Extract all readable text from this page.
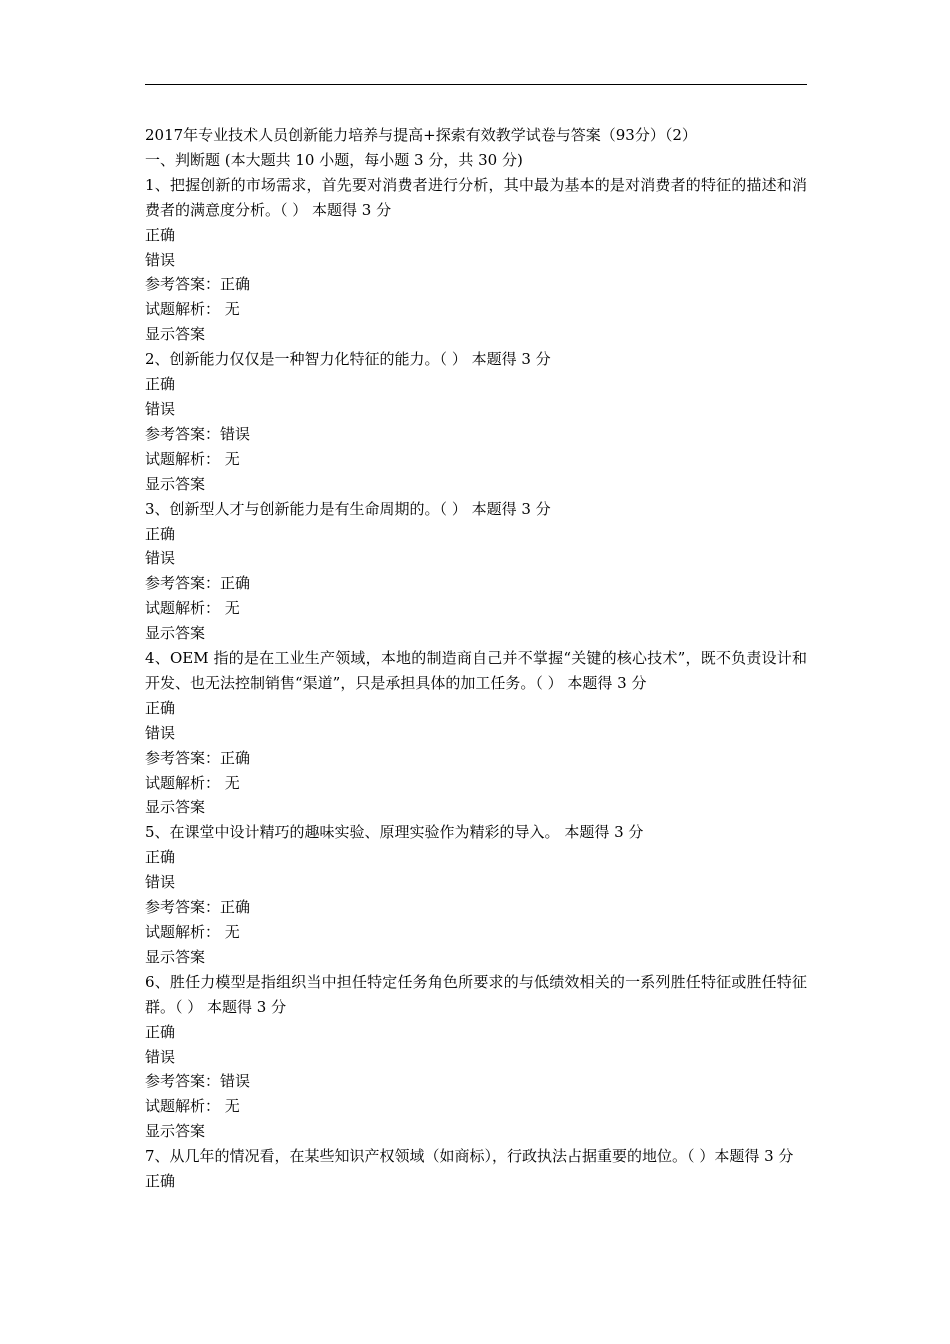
2017年专业技术人员创新能力培养与提高+探索有效教学试卷与答案（93分）（2）
一、判断题 (本大题共 10 小题，每小题 3 分，共 30 分)
1、把握创新的市场需求，首先要对消费者进行分析，其中最为基本的是对消费者的特征的描述和消费者的满意度分析。（ ） 本题得 3 分
正确
错误
参考答案：正确
试题解析： 无
显示答案
2、创新能力仅仅是一种智力化特征的能力。（ ） 本题得 3 分
正确
错误
参考答案：错误
试题解析： 无
显示答案
3、创新型人才与创新能力是有生命周期的。（ ） 本题得 3 分
正确
错误
参考答案：正确
试题解析： 无
显示答案
4、OEM 指的是在工业生产领域，本地的制造商自己并不掌握“关键的核心技术”，既不负责设计和开发、也无法控制销售“渠道”，只是承担具体的加工任务。（ ） 本题得 3 分
正确
错误
参考答案：正确
试题解析： 无
显示答案
5、在课堂中设计精巧的趣味实验、原理实验作为精彩的导入。 本题得 3 分
正确
错误
参考答案：正确
试题解析： 无
显示答案
6、胜任力模型是指组织当中担任特定任务角色所要求的与低绩效相关的一系列胜任特征或胜任特征群。（ ） 本题得 3 分
正确
错误
参考答案：错误
试题解析： 无
显示答案
7、从几年的情况看，在某些知识产权领域（如商标），行政执法占据重要的地位。（ ）本题得 3 分
正确
